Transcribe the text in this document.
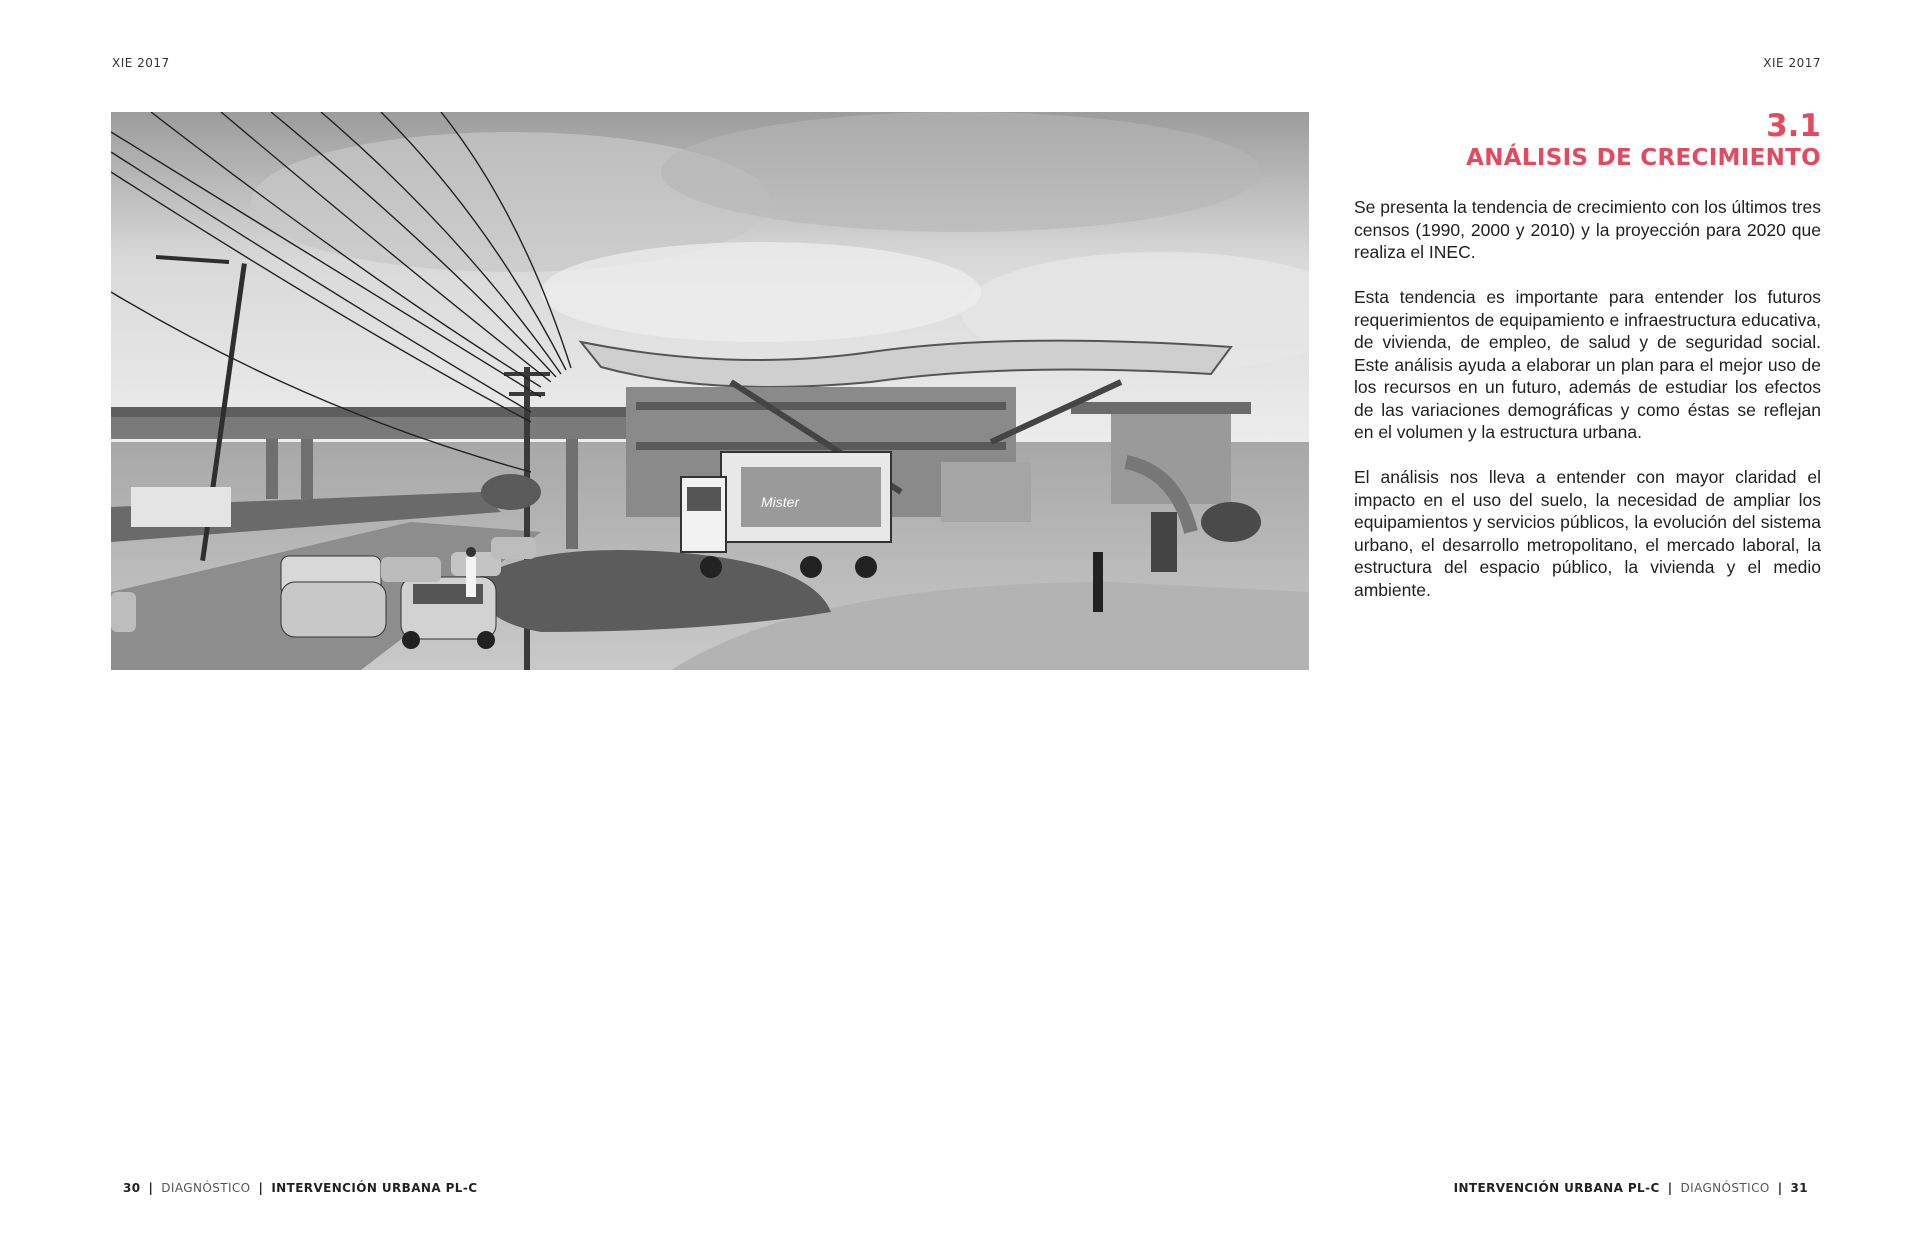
XIE 2017	XIE 2017
Mister
3.1
ANÁLISIS DE CRECIMIENTO

Se presenta la tendencia de crecimiento con los últimos tres censos (1990, 2000 y 2010) y la proyección para 2020 que realiza el INEC.

Esta tendencia es importante para entender los futuros requerimientos de equipamiento e infraestructura educativa, de vivienda, de empleo, de salud y de seguridad social. Este análisis ayuda a elaborar un plan para el mejor uso de los recursos en un futuro, además de estudiar los efectos de las variaciones demográficas y como éstas se reflejan en el volumen y la estructura urbana.

El análisis nos lleva a entender con mayor claridad el impacto en el uso del suelo, la necesidad de ampliar los equipamientos y servicios públicos, la evolución del sistema urbano, el desarrollo metropolitano, el mercado laboral, la estructura del espacio público, la vivienda y el medio ambiente.

30 | DIAGNÓSTICO | INTERVENCIÓN URBANA PL-C	INTERVENCIÓN URBANA PL-C | DIAGNÓSTICO | 31
